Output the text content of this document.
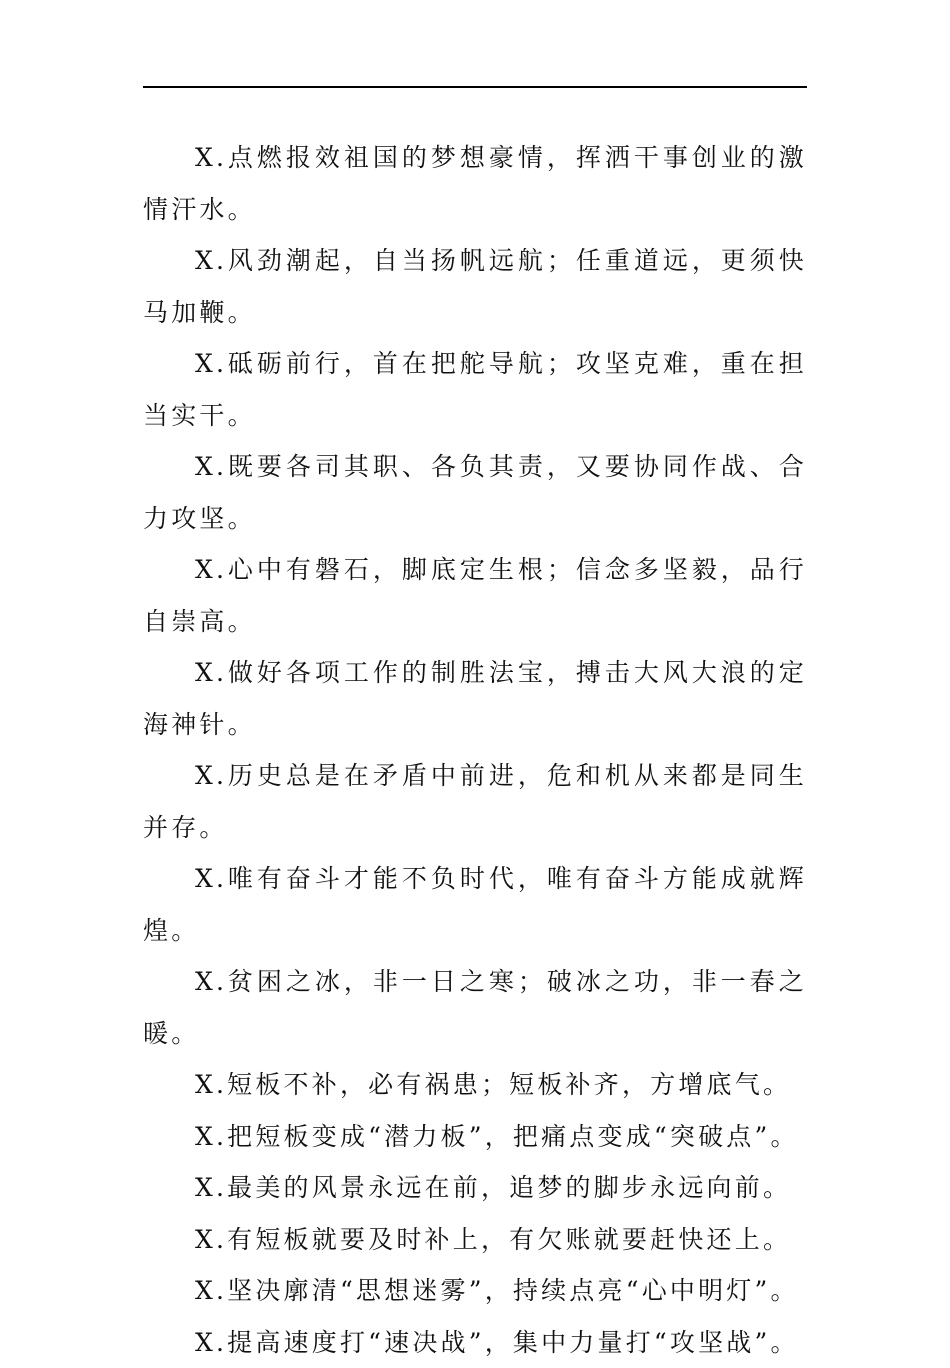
X.点燃报效祖国的梦想豪情，挥洒干事创业的激情汗水。

X.风劲潮起，自当扬帆远航；任重道远，更须快马加鞭。

X.砥砺前行，首在把舵导航；攻坚克难，重在担当实干。

X.既要各司其职、各负其责，又要协同作战、合力攻坚。

X.心中有磐石，脚底定生根；信念多坚毅，品行自崇高。

X.做好各项工作的制胜法宝，搏击大风大浪的定海神针。

X.历史总是在矛盾中前进，危和机从来都是同生并存。

X.唯有奋斗才能不负时代，唯有奋斗方能成就辉煌。

X.贫困之冰，非一日之寒；破冰之功，非一春之暖。

X.短板不补，必有祸患；短板补齐，方增底气。

X.把短板变成“潜力板”，把痛点变成“突破点”。

X.最美的风景永远在前，追梦的脚步永远向前。

X.有短板就要及时补上，有欠账就要赶快还上。

X.坚决廓清“思想迷雾”，持续点亮“心中明灯”。

X.提高速度打“速决战”，集中力量打“攻坚战”。
